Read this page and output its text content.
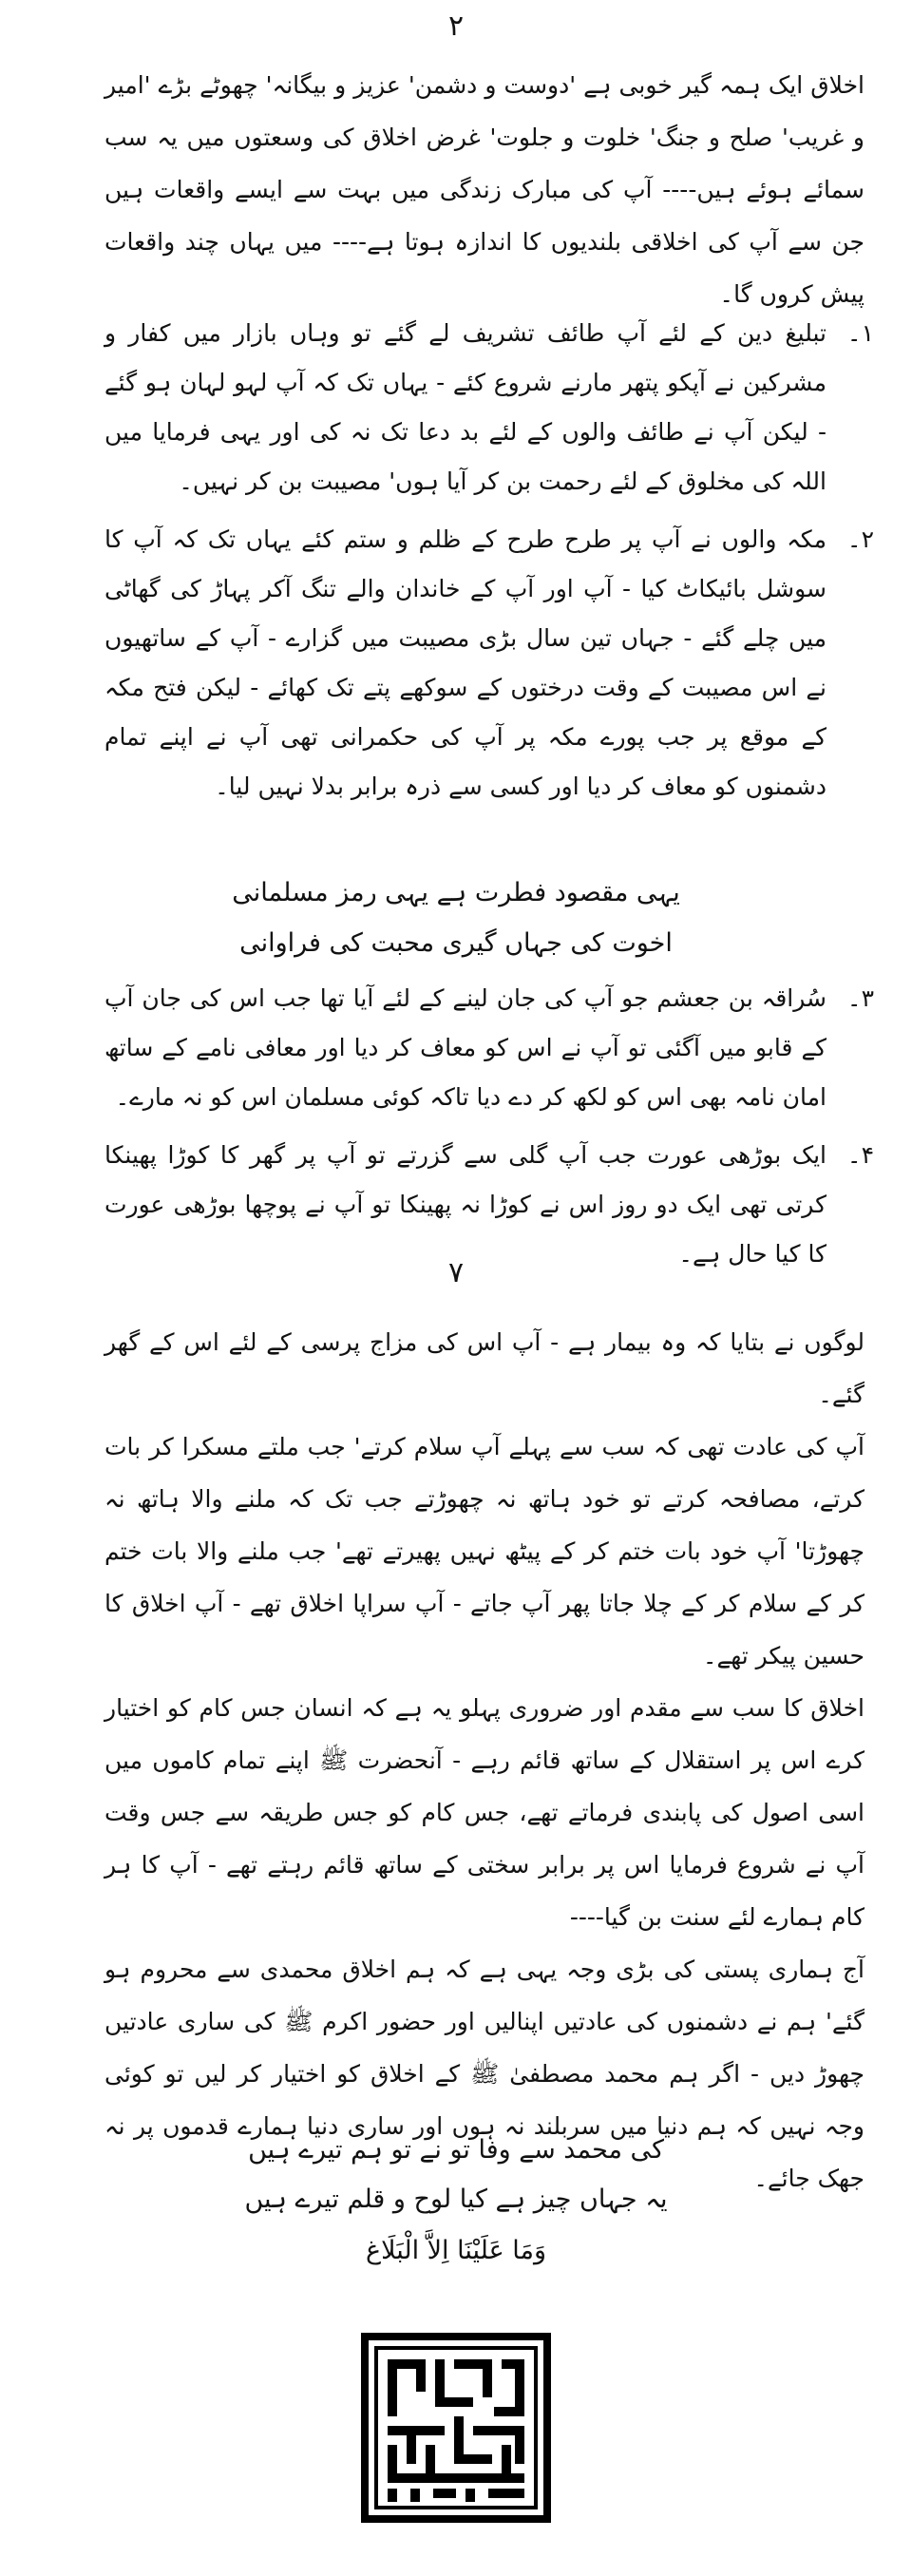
۲

اخلاق ایک ہمہ گیر خوبی ہے 'دوست و دشمن' عزیز و بیگانہ' چھوٹے بڑے 'امیر و غریب' صلح و جنگ' خلوت و جلوت' غرض اخلاق کی وسعتوں میں یہ سب سمائے ہوئے ہیں---- آپ کی مبارک زندگی میں بہت سے ایسے واقعات ہیں جن سے آپ کی اخلاقی بلندیوں کا اندازہ ہوتا ہے---- میں یہاں چند واقعات پیش کروں گا۔

۱۔
تبلیغ دین کے لئے آپ طائف تشریف لے گئے تو وہاں بازار میں کفار و مشرکین نے آپکو پتھر مارنے شروع کئے - یہاں تک کہ آپ لہو لہان ہو گئے - لیکن آپ نے طائف والوں کے لئے بد دعا تک نہ کی اور یہی فرمایا میں اللہ کی مخلوق کے لئے رحمت بن کر آیا ہوں' مصیبت بن کر نہیں۔
۲۔
مکہ والوں نے آپ پر طرح طرح کے ظلم و ستم کئے یہاں تک کہ آپ کا سوشل بائیکاٹ کیا - آپ اور آپ کے خاندان والے تنگ آکر پہاڑ کی گھاٹی میں چلے گئے - جہاں تین سال بڑی مصیبت میں گزارے - آپ کے ساتھیوں نے اس مصیبت کے وقت درختوں کے سوکھے پتے تک کھائے - لیکن فتح مکہ کے موقع پر جب پورے مکہ پر آپ کی حکمرانی تھی آپ نے اپنے تمام دشمنوں کو معاف کر دیا اور کسی سے ذرہ برابر بدلا نہیں لیا۔
یہی مقصود فطرت ہے یہی رمز مسلمانی
اخوت کی جہاں گیری محبت کی فراوانی
۳۔
سُراقہ بن جعشم جو آپ کی جان لینے کے لئے آیا تھا جب اس کی جان آپ کے قابو میں آگئی تو آپ نے اس کو معاف کر دیا اور معافی نامے کے ساتھ امان نامہ بھی اس کو لکھ کر دے دیا تاکہ کوئی مسلمان اس کو نہ مارے۔
۴۔
ایک بوڑھی عورت جب آپ گلی سے گزرتے تو آپ پر گھر کا کوڑا پھینکا کرتی تھی ایک دو روز اس نے کوڑا نہ پھینکا تو آپ نے پوچھا بوڑھی عورت کا کیا حال ہے۔
۷

لوگوں نے بتایا کہ وہ بیمار ہے - آپ اس کی مزاج پرسی کے لئے اس کے گھر گئے۔

آپ کی عادت تھی کہ سب سے پہلے آپ سلام کرتے' جب ملتے مسکرا کر بات کرتے، مصافحہ کرتے تو خود ہاتھ نہ چھوڑتے جب تک کہ ملنے والا ہاتھ نہ چھوڑتا' آپ خود بات ختم کر کے پیٹھ نہیں پھیرتے تھے' جب ملنے والا بات ختم کر کے سلام کر کے چلا جاتا پھر آپ جاتے - آپ سراپا اخلاق تھے - آپ اخلاق کا حسین پیکر تھے۔

اخلاق کا سب سے مقدم اور ضروری پہلو یہ ہے کہ انسان جس کام کو اختیار کرے اس پر استقلال کے ساتھ قائم رہے - آنحضرت ﷺ اپنے تمام کاموں میں اسی اصول کی پابندی فرماتے تھے، جس کام کو جس طریقہ سے جس وقت آپ نے شروع فرمایا اس پر برابر سختی کے ساتھ قائم رہتے تھے - آپ کا ہر کام ہمارے لئے سنت بن گیا----

آج ہماری پستی کی بڑی وجہ یہی ہے کہ ہم اخلاق محمدی سے محروم ہو گئے' ہم نے دشمنوں کی عادتیں اپنالیں اور حضور اکرم ﷺ کی ساری عادتیں چھوڑ دیں - اگر ہم محمد مصطفیٰ ﷺ کے اخلاق کو اختیار کر لیں تو کوئی وجہ نہیں کہ ہم دنیا میں سربلند نہ ہوں اور ساری دنیا ہمارے قدموں پر نہ جھک جائے۔

کی محمد سے وفا تو نے تو ہم تیرے ہیں
یہ جہاں چیز ہے کیا لوح و قلم تیرے ہیں
وَمَا عَلَیْنَا اِلاَّ الْبَلَاغ
